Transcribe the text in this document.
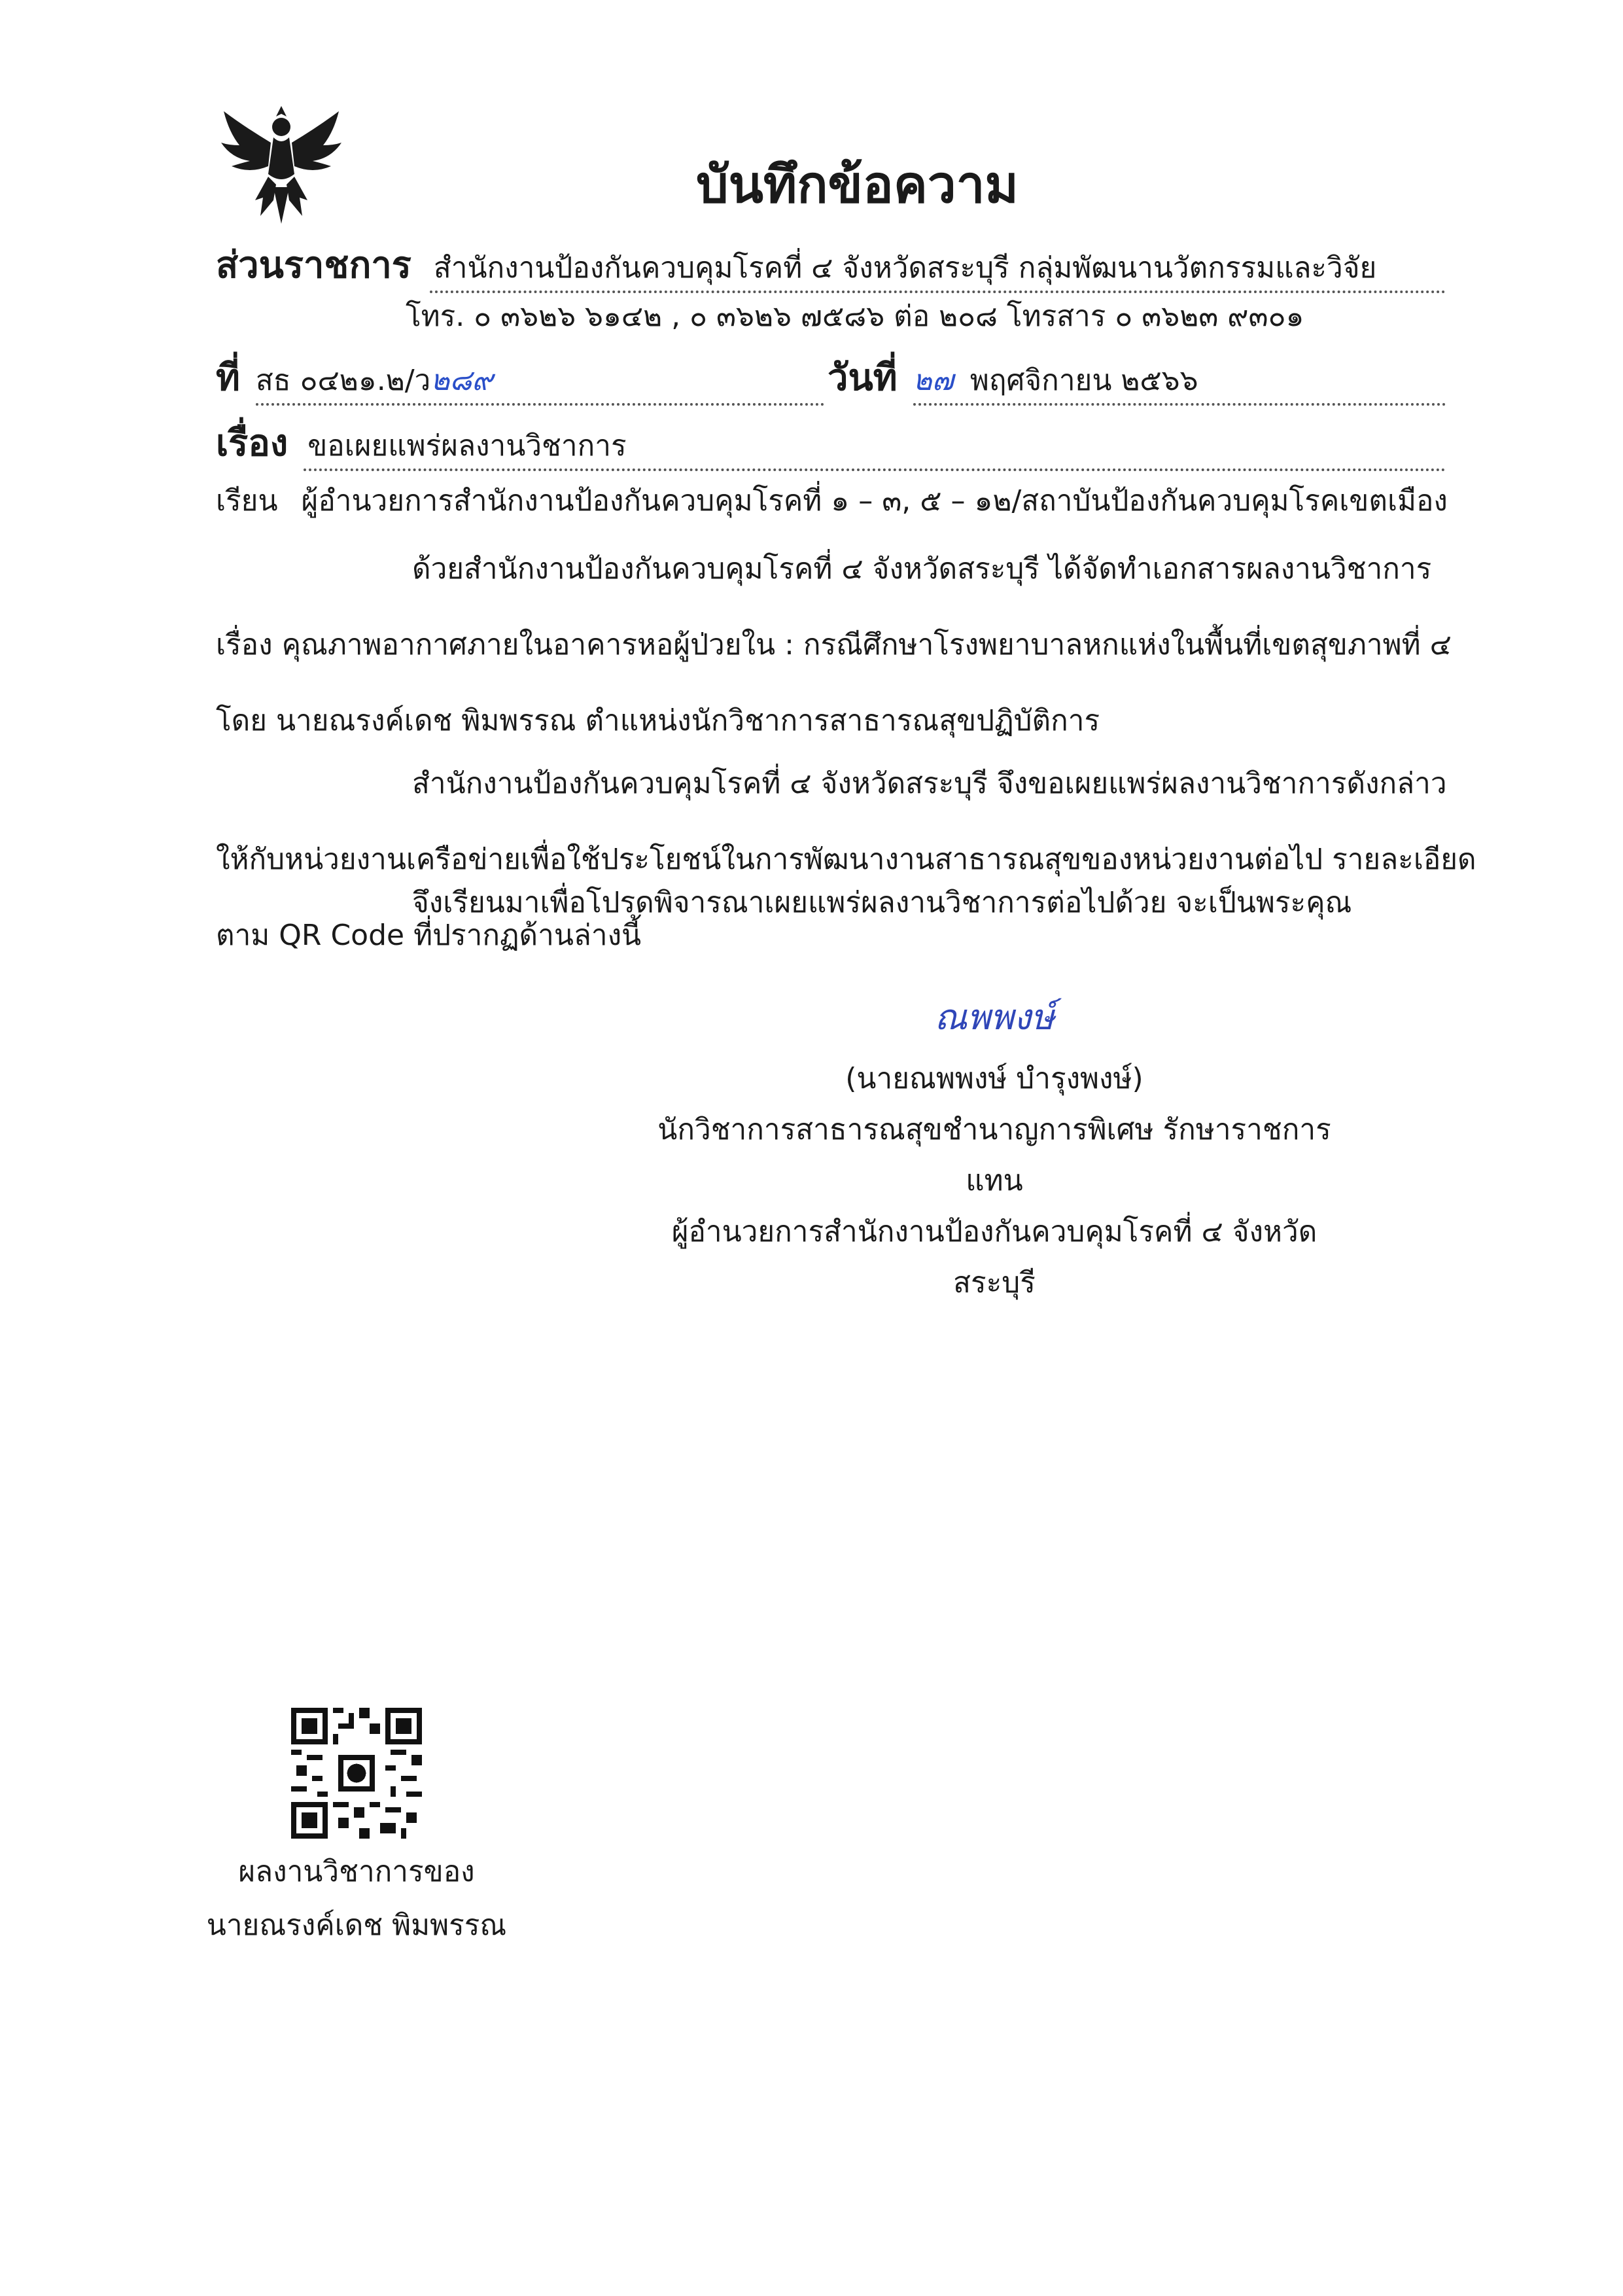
บันทึกข้อความ
ส่วนราชการ สำนักงานป้องกันควบคุมโรคที่ ๔ จังหวัดสระบุรี กลุ่มพัฒนานวัตกรรมและวิจัย
โทร. ๐ ๓๖๒๖ ๖๑๔๒ , ๐ ๓๖๒๖ ๗๕๘๖ ต่อ ๒๐๘ โทรสาร ๐ ๓๖๒๓ ๙๓๐๑
ที่ สธ ๐๔๒๑.๒/ว๒๘๙	วันที่ ๒๗ พฤศจิกายน ๒๕๖๖
เรื่อง ขอเผยแพร่ผลงานวิชาการ
เรียน ผู้อำนวยการสำนักงานป้องกันควบคุมโรคที่ ๑ – ๓, ๕ – ๑๒/สถาบันป้องกันควบคุมโรคเขตเมือง
ด้วยสำนักงานป้องกันควบคุมโรคที่ ๔ จังหวัดสระบุรี ได้จัดทำเอกสารผลงานวิชาการ
เรื่อง คุณภาพอากาศภายในอาคารหอผู้ป่วยใน : กรณีศึกษาโรงพยาบาลหกแห่งในพื้นที่เขตสุขภาพที่ ๔
โดย นายณรงค์เดช พิมพรรณ ตำแหน่งนักวิชาการสาธารณสุขปฏิบัติการ
สำนักงานป้องกันควบคุมโรคที่ ๔ จังหวัดสระบุรี จึงขอเผยแพร่ผลงานวิชาการดังกล่าว
ให้กับหน่วยงานเครือข่ายเพื่อใช้ประโยชน์ในการพัฒนางานสาธารณสุขของหน่วยงานต่อไป รายละเอียด
ตาม QR Code ที่ปรากฏด้านล่างนี้
จึงเรียนมาเพื่อโปรดพิจารณาเผยแพร่ผลงานวิชาการต่อไปด้วย จะเป็นพระคุณ
ณพพงษ์
(นายณพพงษ์ บำรุงพงษ์)
นักวิชาการสาธารณสุขชำนาญการพิเศษ รักษาราชการแทน
ผู้อำนวยการสำนักงานป้องกันควบคุมโรคที่ ๔ จังหวัดสระบุรี
ผลงานวิชาการของ
นายณรงค์เดช พิมพรรณ
